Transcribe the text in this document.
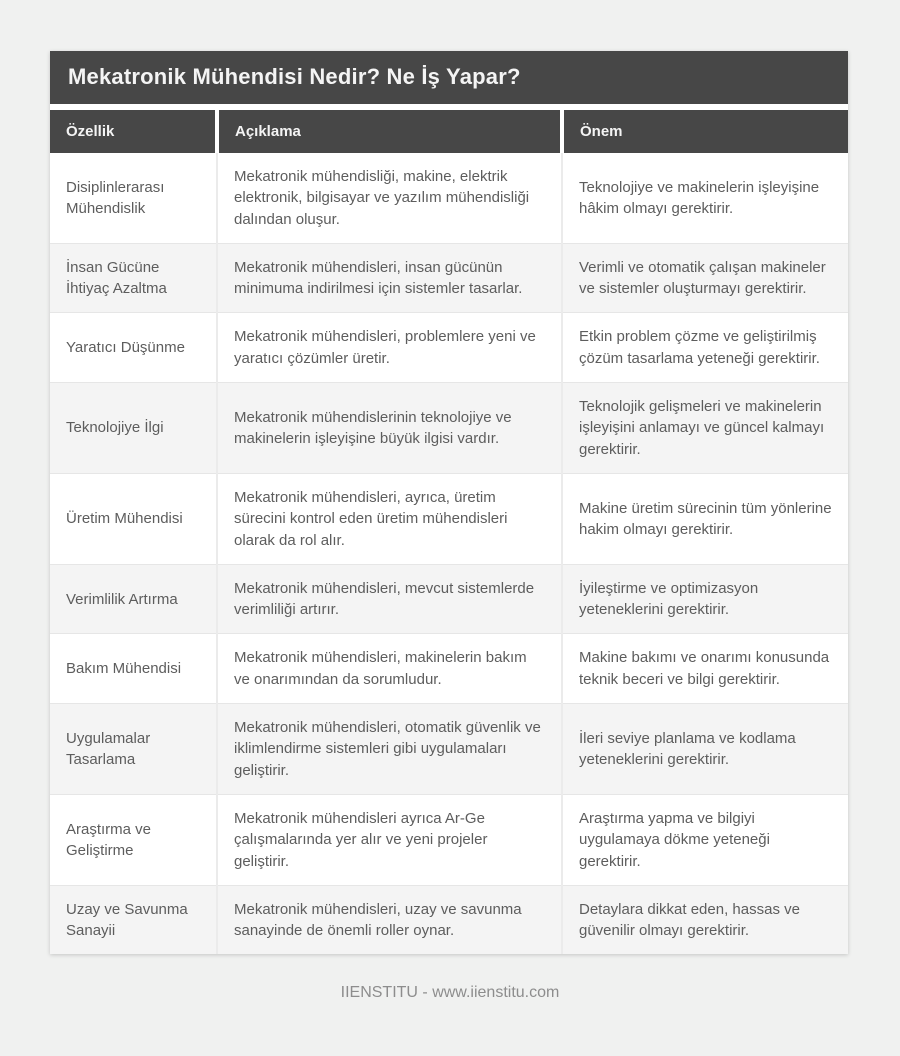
Mekatronik Mühendisi Nedir? Ne İş Yapar?
Özellik	Açıklama	Önem
Disiplinlerarası Mühendislik	Mekatronik mühendisliği, makine, elektrik elektronik, bilgisayar ve yazılım mühendisliği dalından oluşur.	Teknolojiye ve makinelerin işleyişine hâkim olmayı gerektirir.
İnsan Gücüne İhtiyaç Azaltma	Mekatronik mühendisleri, insan gücünün minimuma indirilmesi için sistemler tasarlar.	Verimli ve otomatik çalışan makineler ve sistemler oluşturmayı gerektirir.
Yaratıcı Düşünme	Mekatronik mühendisleri, problemlere yeni ve yaratıcı çözümler üretir.	Etkin problem çözme ve geliştirilmiş çözüm tasarlama yeteneği gerektirir.
Teknolojiye İlgi	Mekatronik mühendislerinin teknolojiye ve makinelerin işleyişine büyük ilgisi vardır.	Teknolojik gelişmeleri ve makinelerin işleyişini anlamayı ve güncel kalmayı gerektirir.
Üretim Mühendisi	Mekatronik mühendisleri, ayrıca, üretim sürecini kontrol eden üretim mühendisleri olarak da rol alır.	Makine üretim sürecinin tüm yönlerine hakim olmayı gerektirir.
Verimlilik Artırma	Mekatronik mühendisleri, mevcut sistemlerde verimliliği artırır.	İyileştirme ve optimizasyon yeteneklerini gerektirir.
Bakım Mühendisi	Mekatronik mühendisleri, makinelerin bakım ve onarımından da sorumludur.	Makine bakımı ve onarımı konusunda teknik beceri ve bilgi gerektirir.
Uygulamalar Tasarlama	Mekatronik mühendisleri, otomatik güvenlik ve iklimlendirme sistemleri gibi uygulamaları geliştirir.	İleri seviye planlama ve kodlama yeteneklerini gerektirir.
Araştırma ve Geliştirme	Mekatronik mühendisleri ayrıca Ar-Ge çalışmalarında yer alır ve yeni projeler geliştirir.	Araştırma yapma ve bilgiyi uygulamaya dökme yeteneği gerektirir.
Uzay ve Savunma Sanayii	Mekatronik mühendisleri, uzay ve savunma sanayinde de önemli roller oynar.	Detaylara dikkat eden, hassas ve güvenilir olmayı gerektirir.
IIENSTITU - www.iienstitu.com
